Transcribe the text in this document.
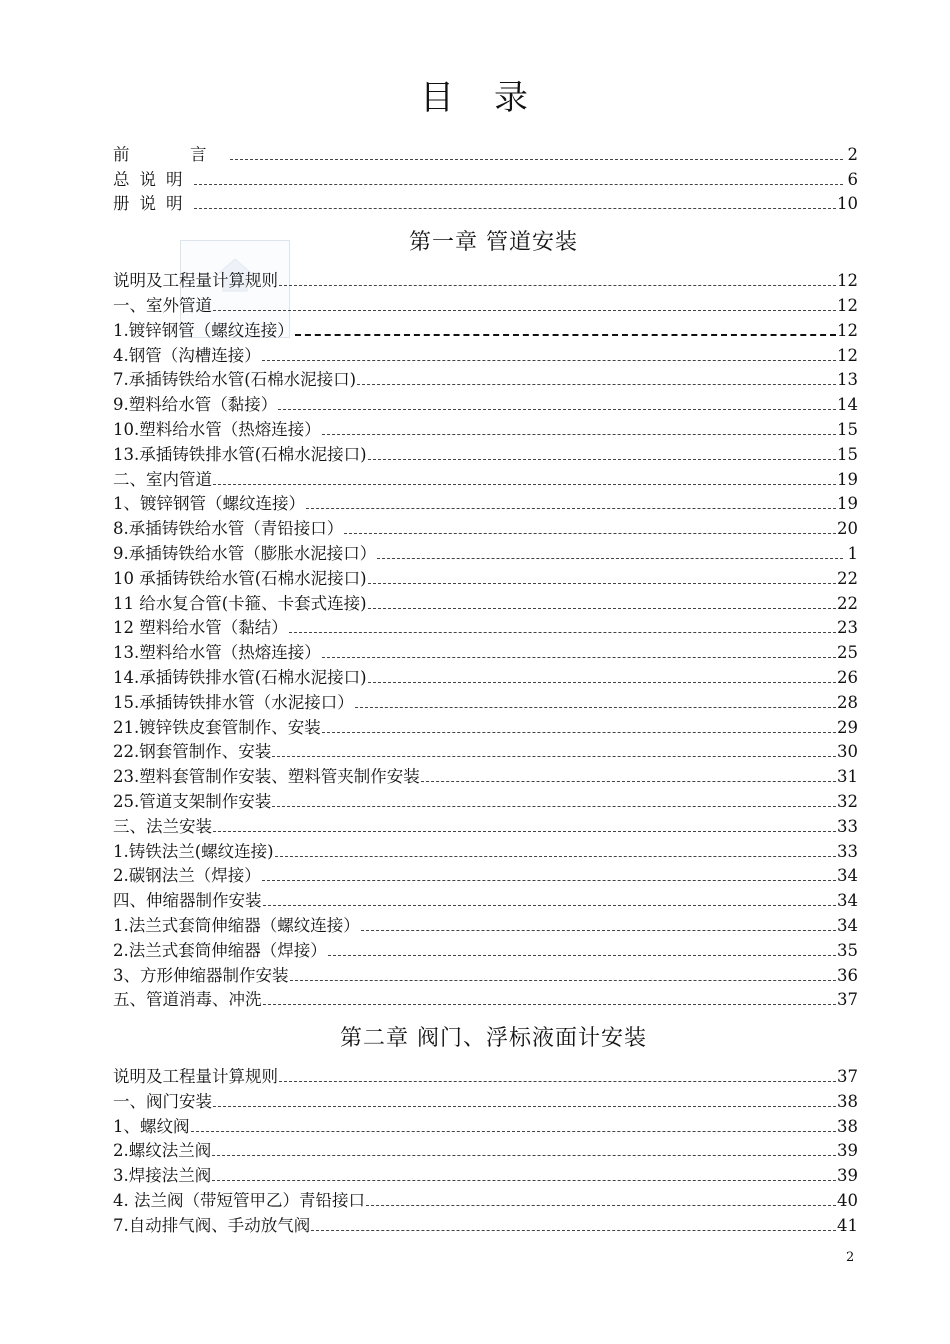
目 录
前　言	2
总说明	6
册说明	10
第一章 管道安装
说明及工程量计算规则	12
一、室外管道	12
1.镀锌钢管（螺纹连接）	12
4.钢管（沟槽连接）	12
7.承插铸铁给水管(石棉水泥接口)	13
9.塑料给水管（黏接）	14
10.塑料给水管（热熔连接）	15
13.承插铸铁排水管(石棉水泥接口)	15
二、室内管道	19
1、镀锌钢管（螺纹连接）	19
8.承插铸铁给水管（青铅接口）	20
9.承插铸铁给水管（膨胀水泥接口）	1
10 承插铸铁给水管(石棉水泥接口)	22
11 给水复合管(卡箍、卡套式连接)	22
12 塑料给水管（黏结）	23
13.塑料给水管（热熔连接）	25
14.承插铸铁排水管(石棉水泥接口)	26
15.承插铸铁排水管（水泥接口）	28
21.镀锌铁皮套管制作、安装	29
22.钢套管制作、安装	30
23.塑料套管制作安装、塑料管夹制作安装	31
25.管道支架制作安装	32
三、法兰安装	33
1.铸铁法兰(螺纹连接)	33
2.碳钢法兰（焊接）	34
四、伸缩器制作安装	34
1.法兰式套筒伸缩器（螺纹连接）	34
2.法兰式套筒伸缩器（焊接）	35
3、方形伸缩器制作安装	36
五、管道消毒、冲洗	37
第二章 阀门、浮标液面计安装
说明及工程量计算规则	37
一、阀门安装	38
1、螺纹阀	38
2.螺纹法兰阀	39
3.焊接法兰阀	39
4. 法兰阀（带短管甲乙）青铅接口	40
7.自动排气阀、手动放气阀	41
2
